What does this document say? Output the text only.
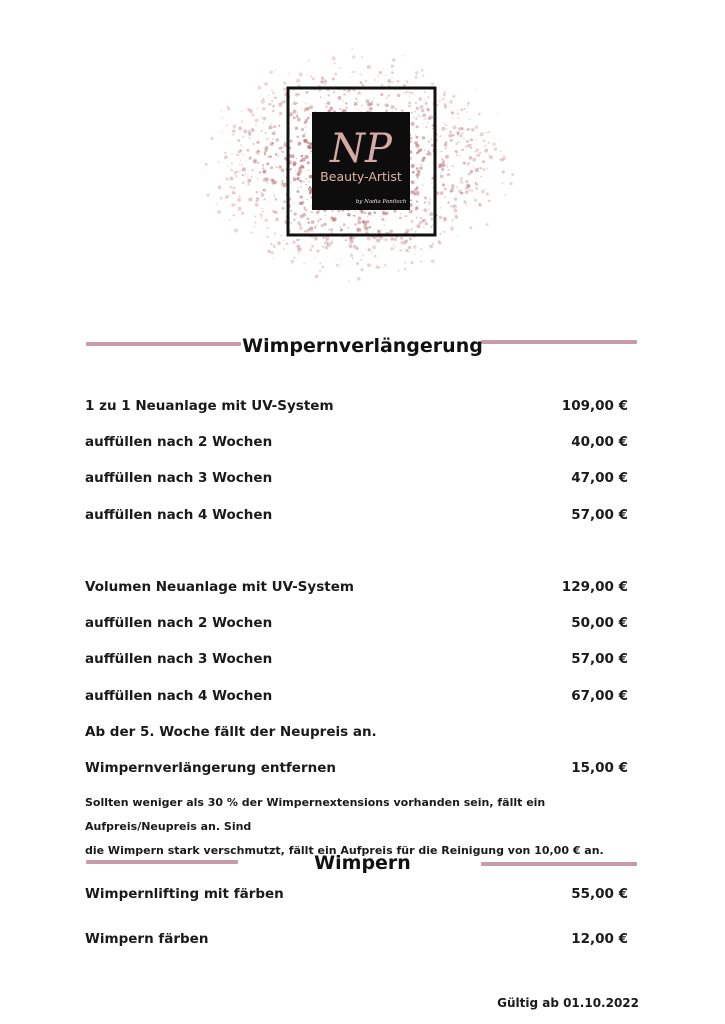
NP
Beauty-Artist
by Nadia Panitsch
Wimpernverlängerung
1 zu 1 Neuanlage mit UV-System	109,00 €
auffüllen nach 2 Wochen	40,00 €
auffüllen nach 3 Wochen	47,00 €
auffüllen nach 4 Wochen	57,00 €
Volumen Neuanlage mit UV-System	129,00 €
auffüllen nach 2 Wochen	50,00 €
auffüllen nach 3 Wochen	57,00 €
auffüllen nach 4 Wochen	67,00 €
Ab der 5. Woche fällt der Neupreis an.
Wimpernverlängerung entfernen	15,00 €
Sollten weniger als 30 % der Wimpernextensions vorhanden sein, fällt ein Aufpreis/Neupreis an. Sind
die Wimpern stark verschmutzt, fällt ein Aufpreis für die Reinigung von 10,00 € an.
Wimpern
Wimpernlifting mit färben	55,00 €
Wimpern färben	12,00 €
Gültig ab 01.10.2022
